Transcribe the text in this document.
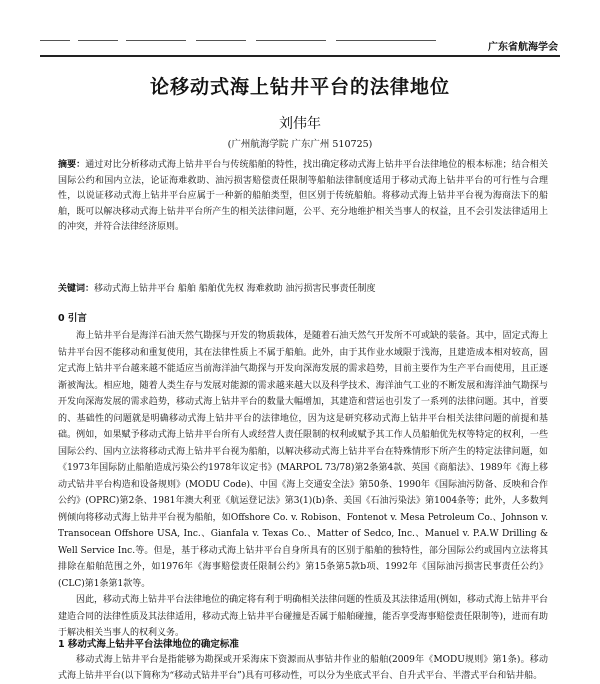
广东省航海学会
论移动式海上钻井平台的法律地位
刘伟年
(广州航海学院 广东广州 510725)
摘要：通过对比分析移动式海上钻井平台与传统船舶的特性，找出确定移动式海上钻井平台法律地位的根本标准；结合相关国际公约和国内立法，论证海难救助、油污损害赔偿责任限制等船舶法律制度适用于移动式海上钻井平台的可行性与合理性，以说证移动式海上钻井平台应属于一种新的船舶类型，但区别于传统船舶。将移动式海上钻井平台视为海商法下的船舶，既可以解决移动式海上钻井平台所产生的相关法律问题，公平、充分地维护相关当事人的权益，且不会引发法律适用上的冲突，并符合法律经济原则。
关键词：移动式海上钻井平台 船舶 船舶优先权 海难救助 油污损害民事责任制度
0 引言

海上钻井平台是海洋石油天然气勘探与开发的物质载体，是随着石油天然气开发所不可或缺的装备。其中，固定式海上钻井平台因不能移动和重复使用，其在法律性质上不属于船舶。此外，由于其作业水域限于浅海，且建造成本相对较高，固定式海上钻井平台越来越不能适应当前海洋油气勘探与开发向深海发展的需求趋势，目前主要作为生产平台而使用，且正逐渐被淘汰。相应地，随着人类生存与发展对能源的需求越来越大以及科学技术、海洋油气工业的不断发展和海洋油气勘探与开发向深海发展的需求趋势，移动式海上钻井平台的数量大幅增加，其建造和营运也引发了一系列的法律问题。其中，首要的、基础性的问题就是明确移动式海上钻井平台的法律地位，因为这是研究移动式海上钻井平台相关法律问题的前提和基础。例如，如果赋予移动式海上钻井平台所有人或经营人责任限制的权利或赋予其工作人员船舶优先权等特定的权利，一些国际公约、国内立法将移动式海上钻井平台视为船舶，以解决移动式海上钻井平台在特殊情形下所产生的特定法律问题，如《1973年国际防止船舶造成污染公约1978年议定书》(MARPOL 73/78)第2条第4款、英国《商船法》、1989年《海上移动式钻井平台构造和设备规则》(MODU Code)、中国《海上交通安全法》第50条、1990年《国际油污防备、反映和合作公约》(OPRC)第2条、1981年澳大利亚《航运登记法》第3(1)(b)条、美国《石油污染法》第1004条等；此外，人多数判例倾向将移动式海上钻井平台视为船舶，如Offshore Co. v. Robison、Fontenot v. Mesa Petroleum Co.、Johnson v. Transocean Offshore USA, Inc.、Gianfala v. Texas Co.、Matter of Sedco, Inc.、Manuel v. P.A.W Drilling & Well Service Inc.等。但是，基于移动式海上钻井平台自身所具有的区别于船舶的独特性，部分国际公约或国内立法将其排除在船舶范围之外，如1976年《海事赔偿责任限制公约》第15条第5款b项、1992年《国际油污损害民事责任公约》(CLC)第1条第1款等。

因此，移动式海上钻井平台法律地位的确定将有利于明确相关法律问题的性质及其法律适用(例如，移动式海上钻井平台建造合同的法律性质及其法律适用，移动式海上钻井平台碰撞是否属于船舶碰撞，能否享受海事赔偿责任限制等)，进而有助于解决相关当事人的权利义务。

1 移动式海上钻井平台法律地位的确定标准

移动式海上钻井平台是指能够为勘探或开采海床下资源而从事钻井作业的船舶(2009年《MODU规则》第1条)。移动式海上钻井平台(以下简称为“移动式钻井平台”)具有可移动性，可以分为坐底式平台、自升式平台、半潜式平台和钻井船。
